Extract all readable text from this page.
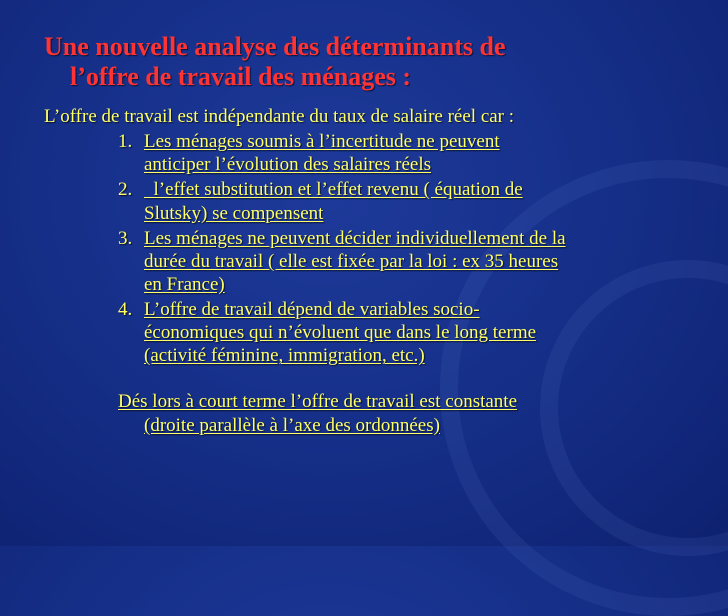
Une nouvelle analyse des déterminants de
l’offre de travail des ménages :
L’offre de travail est indépendante du taux de salaire réel car :
1. Les ménages soumis à l’incertitude ne peuvent
anticiper l’évolution des salaires réels
2. l’effet substitution et l’effet revenu ( équation de
Slutsky) se compensent
3. Les ménages ne peuvent décider individuellement de la
durée du travail ( elle est fixée par la loi : ex 35 heures
en France)
4. L’offre de travail dépend de variables socio-
économiques qui n’évoluent que dans le long terme
(activité féminine, immigration, etc.)
Dés lors à court terme l’offre de travail est constante

(droite parallèle à l’axe des ordonnées)
